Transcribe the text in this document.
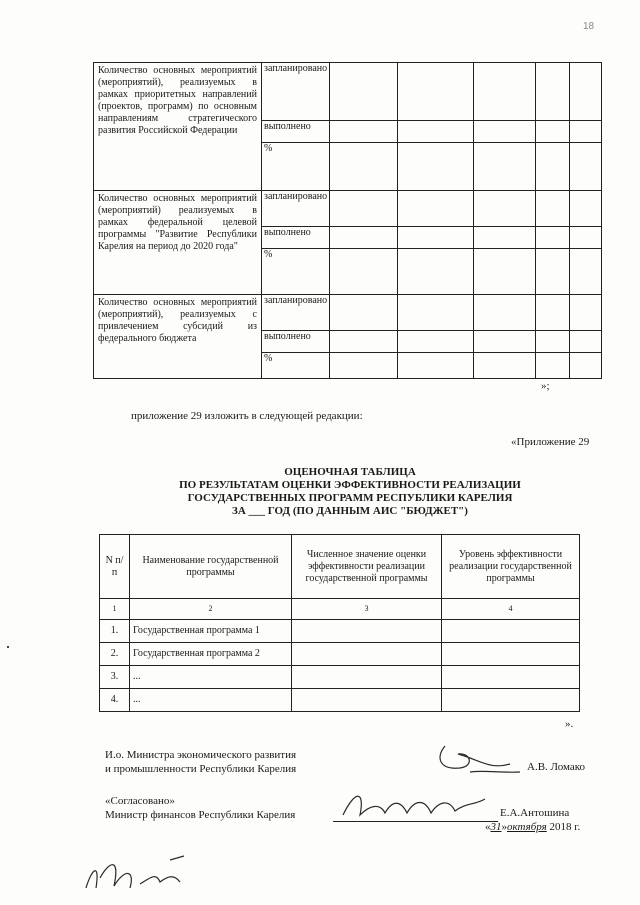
18
Количество основных мероприятий (мероприятий), реализуемых в рамках приоритетных направлений (проектов, программ) по основным направлениям стратегического развития Российской Федерации	запланировано					
	выполнено					
	%					
Количество основных мероприятий (мероприятий) реализуемых в рамках федеральной целевой программы "Развитие Республики Карелия на период до 2020 года"	запланировано					
	выполнено					
	%					
Количество основных мероприятий (мероприятий), реализуемых с привлечением субсидий из федерального бюджета	запланировано					
	выполнено					
	%					
»;
приложение 29 изложить в следующей редакции:
«Приложение 29
ОЦЕНОЧНАЯ ТАБЛИЦА
ПО РЕЗУЛЬТАТАМ ОЦЕНКИ ЭФФЕКТИВНОСТИ РЕАЛИЗАЦИИ
ГОСУДАРСТВЕННЫХ ПРОГРАММ РЕСПУБЛИКИ КАРЕЛИЯ
ЗА ___ ГОД (ПО ДАННЫМ АИС "БЮДЖЕТ")
N п/п	Наименование государственной программы	Численное значение оценки эффективности реализации государственной программы	Уровень эффективности реализации государственной программы
1	2	3	4
1.	Государственная программа 1		
2.	Государственная программа 2		
3.	...		
4.	...		
».
И.о. Министра экономического развития
и промышленности Республики Карелия	А.В. Ломако
«Согласовано»
Министр финансов Республики Карелия	Е.А.Антошина
«31»октября 2018 г.
